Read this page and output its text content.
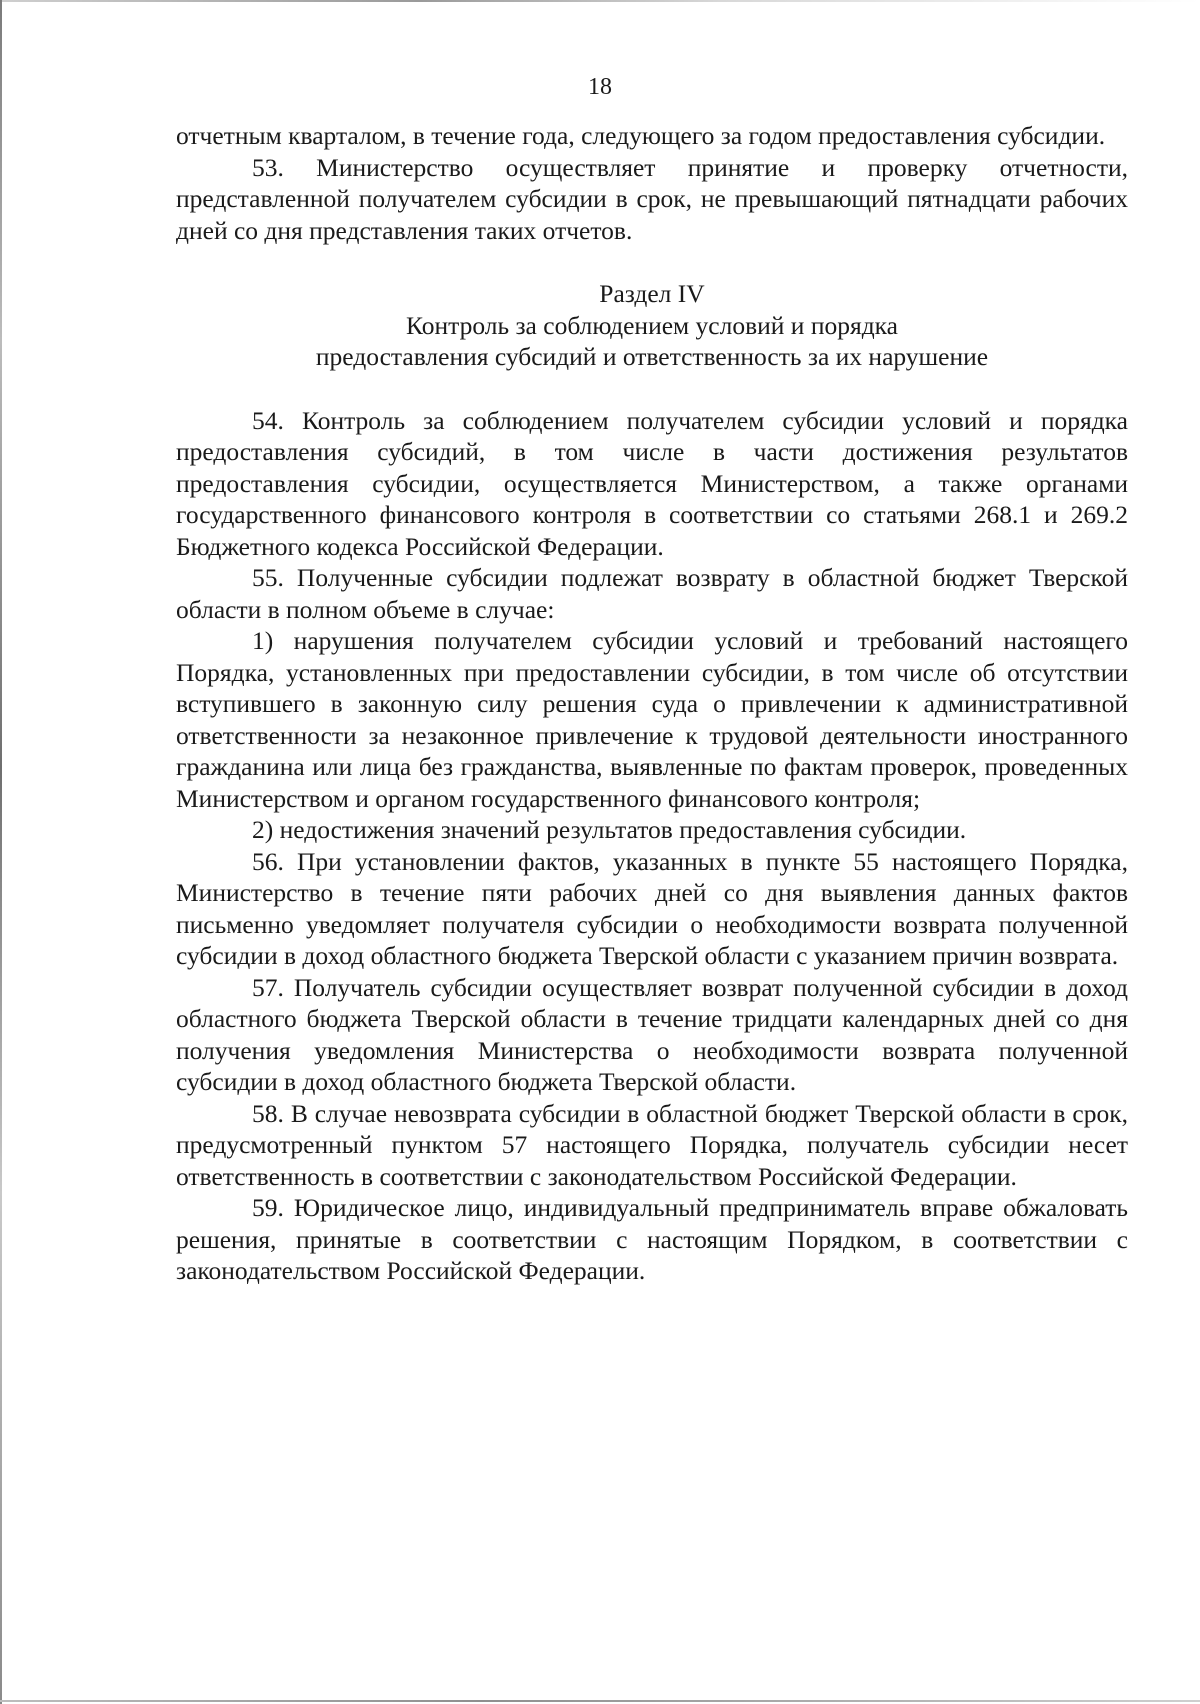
18

отчетным кварталом, в течение года, следующего за годом предоставления субсидии.

53. Министерство осуществляет принятие и проверку отчетности, представленной получателем субсидии в срок, не превышающий пятнадцати рабочих дней со дня представления таких отчетов.

Раздел IV
Контроль за соблюдением условий и порядка
предоставления субсидий и ответственность за их нарушение

54. Контроль за соблюдением получателем субсидии условий и порядка предоставления субсидий, в том числе в части достижения результатов предоставления субсидии, осуществляется Министерством, а также органами государственного финансового контроля в соответствии со статьями 268.1 и 269.2 Бюджетного кодекса Российской Федерации.

55. Полученные субсидии подлежат возврату в областной бюджет Тверской области в полном объеме в случае:

1) нарушения получателем субсидии условий и требований настоящего Порядка, установленных при предоставлении субсидии, в том числе об отсутствии вступившего в законную силу решения суда о привлечении к административной ответственности за незаконное привлечение к трудовой деятельности иностранного гражданина или лица без гражданства, выявленные по фактам проверок, проведенных Министерством и органом государственного финансового контроля;

2) недостижения значений результатов предоставления субсидии.

56. При установлении фактов, указанных в пункте 55 настоящего Порядка, Министерство в течение пяти рабочих дней со дня выявления данных фактов письменно уведомляет получателя субсидии о необходимости возврата полученной субсидии в доход областного бюджета Тверской области с указанием причин возврата.

57. Получатель субсидии осуществляет возврат полученной субсидии в доход областного бюджета Тверской области в течение тридцати календарных дней со дня получения уведомления Министерства о необходимости возврата полученной субсидии в доход областного бюджета Тверской области.

58. В случае невозврата субсидии в областной бюджет Тверской области в срок, предусмотренный пунктом 57 настоящего Порядка, получатель субсидии несет ответственность в соответствии с законодательством Российской Федерации.

59. Юридическое лицо, индивидуальный предприниматель вправе обжаловать решения, принятые в соответствии с настоящим Порядком, в соответствии с законодательством Российской Федерации.
